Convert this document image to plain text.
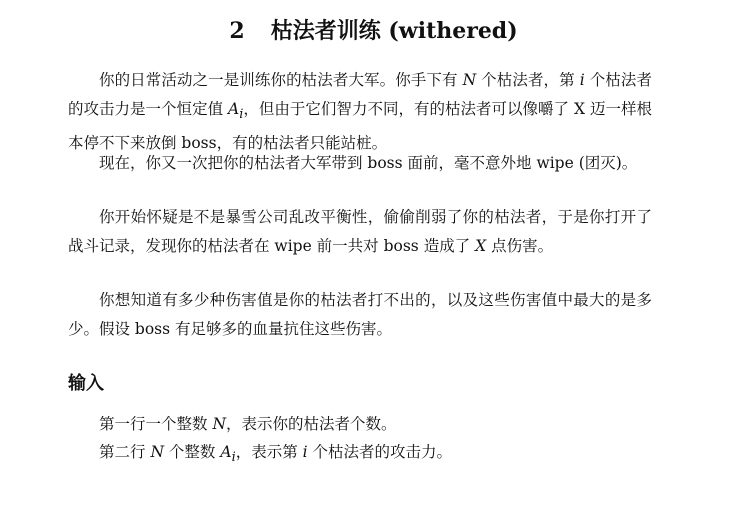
2 枯法者训练 (withered)

你的日常活动之一是训练你的枯法者大军。你手下有 N 个枯法者，第 i 个枯法者的攻击力是一个恒定值 $A_i$，但由于它们智力不同，有的枯法者可以像嚼了 X 迈一样根本停不下来放倒 boss，有的枯法者只能站桩。

现在，你又一次把你的枯法者大军带到 boss 面前，毫不意外地 wipe (团灭)。

你开始怀疑是不是暴雪公司乱改平衡性，偷偷削弱了你的枯法者，于是你打开了战斗记录，发现你的枯法者在 wipe 前一共对 boss 造成了 X 点伤害。

你想知道有多少种伤害值是你的枯法者打不出的，以及这些伤害值中最大的是多少。假设 boss 有足够多的血量抗住这些伤害。

输入

第一行一个整数 N，表示你的枯法者个数。

第二行 N 个整数 $A_i$，表示第 i 个枯法者的攻击力。
